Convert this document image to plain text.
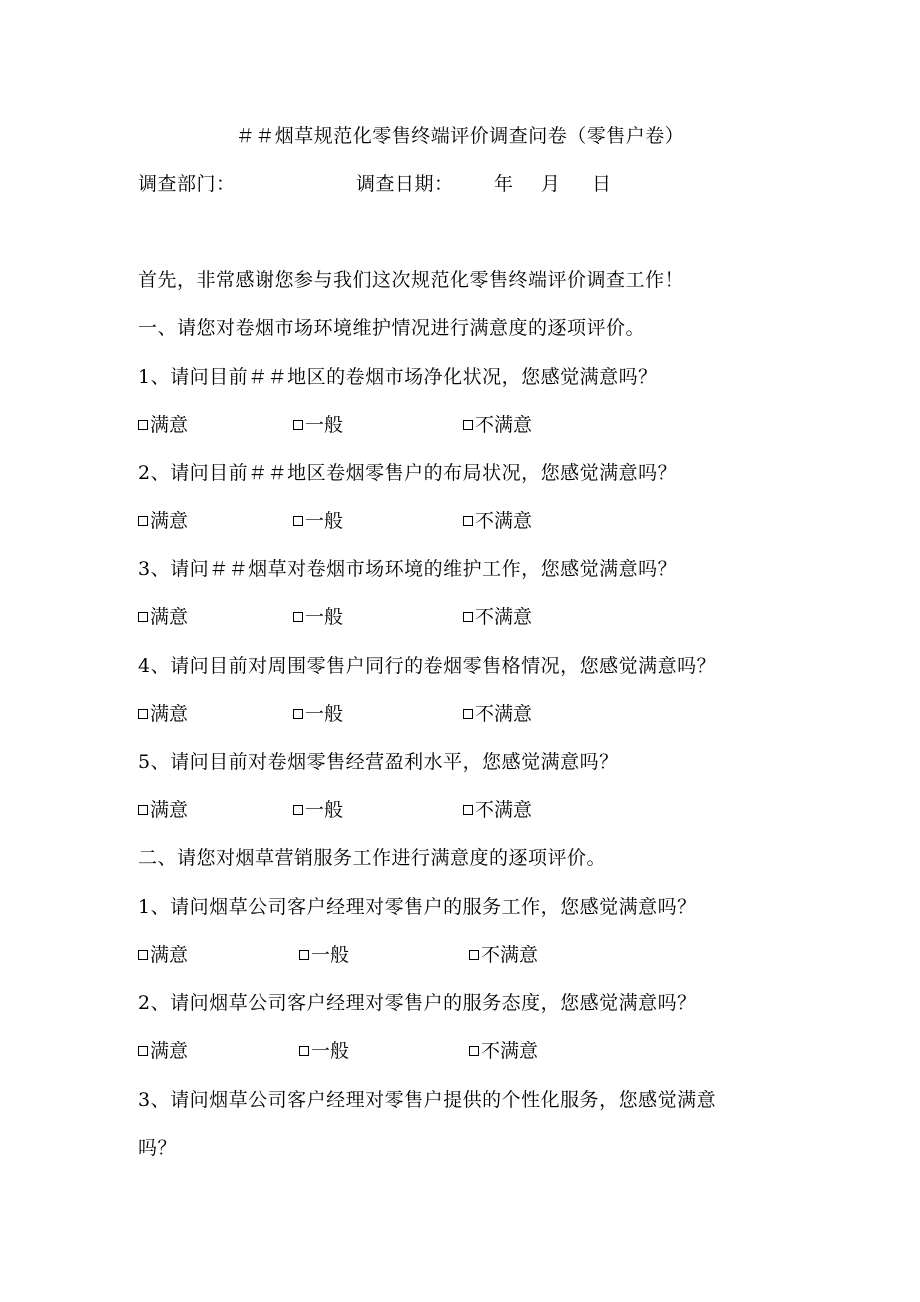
＃＃烟草规范化零售终端评价调查问卷（零售户卷）
调查部门：	调查日期： 年 月 日
首先，非常感谢您参与我们这次规范化零售终端评价调查工作！
一、请您对卷烟市场环境维护情况进行满意度的逐项评价。
1、请问目前＃＃地区的卷烟市场净化状况，您感觉满意吗？
满意	一般	不满意
2、请问目前＃＃地区卷烟零售户的布局状况，您感觉满意吗？
满意	一般	不满意
3、请问＃＃烟草对卷烟市场环境的维护工作，您感觉满意吗？
满意	一般	不满意
4、请问目前对周围零售户同行的卷烟零售格情况，您感觉满意吗？
满意	一般	不满意
5、请问目前对卷烟零售经营盈利水平，您感觉满意吗？
满意	一般	不满意
二、请您对烟草营销服务工作进行满意度的逐项评价。
1、请问烟草公司客户经理对零售户的服务工作，您感觉满意吗？
满意	一般	不满意
2、请问烟草公司客户经理对零售户的服务态度，您感觉满意吗？
满意	一般	不满意
3、请问烟草公司客户经理对零售户提供的个性化服务，您感觉满意
吗？
